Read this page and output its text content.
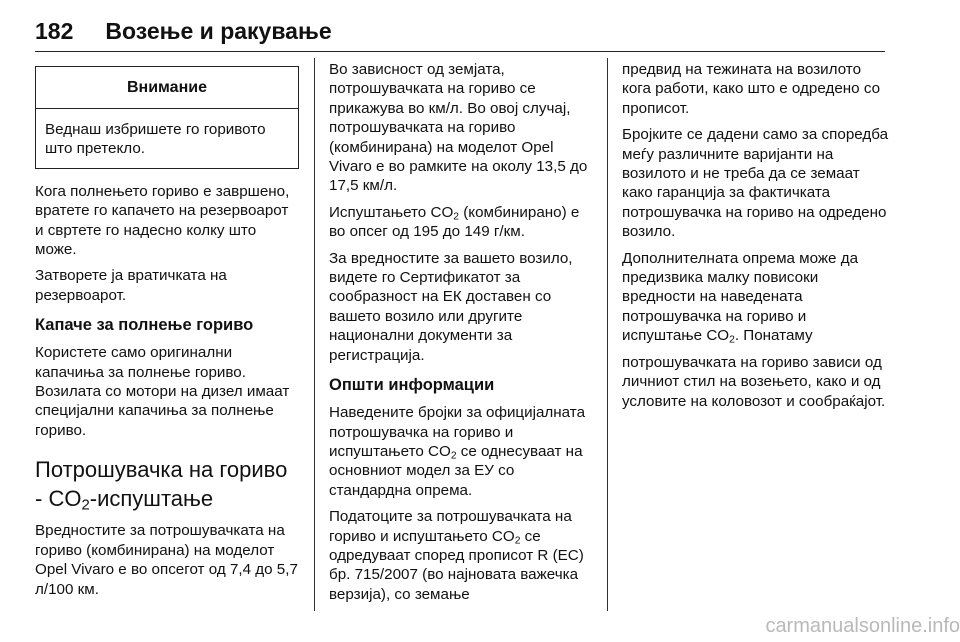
182 Возење и ракување
Внимание
Веднаш избришете го горивото што претекло.

Кога полнењето гориво е завршено, вратете го капачето на резервоарот и свртете го надесно колку што може.

Затворете ја вратичката на резервоарот.

Капаче за полнење гориво

Користете само оригинални капачиња за полнење гориво. Возилата со мотори на дизел имаат специјални капачиња за полнење гориво.

Потрошувачка на гориво - $CO_2$-испуштање

Вредностите за потрошувачката на гориво (комбинирана) на моделот Opel Vivaro е во опсегот од 7,4 до 5,7 л/100 км.

Во зависност од земјата, потрошувачката на гориво се прикажува во км/л. Во овој случај, потрошувачката на гориво (комбинирана) на моделот Opel Vivaro е во рамките на околу 13,5 до 17,5 км/л.

Испуштањето $CO_2$ (комбинирано) е во опсег од 195 до 149 г/км.

За вредностите за вашето возило, видете го Сертификатот за сообразност на ЕК доставен со вашето возило или другите национални документи за регистрација.

Општи информации

Наведените бројки за официјалната потрошувачка на гориво и испуштањето $CO_2$ се однесуваат на основниот модел за ЕУ со стандардна опрема.

Податоците за потрошувачката на гориво и испуштањето $CO_2$ се одредуваат според прописот R (EC) бр. 715/2007 (во најновата важечка верзија), со земање

предвид на тежината на возилото кога работи, како што е одредено со прописот.

Бројките се дадени само за споредба меѓу различните варијанти на возилото и не треба да се земаат како гаранција за фактичката потрошувачка на гориво на одредено возило.

Дополнителната опрема може да предизвика малку повисоки вредности на наведената потрошувачка на гориво и испуштање $CO_2$. Понатаму

потрошувачката на гориво зависи од личниот стил на возењето, како и од условите на коловозот и сообраќајот.

carmanualsonline.info
